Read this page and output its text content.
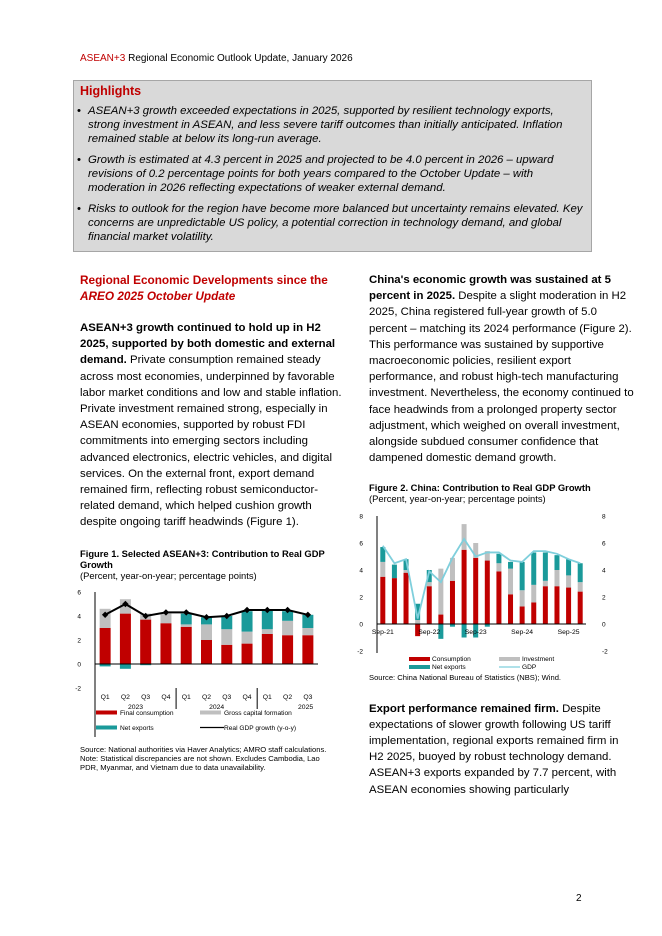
ASEAN+3 Regional Economic Outlook Update, January 2026
Highlights
• ASEAN+3 growth exceeded expectations in 2025, supported by resilient technology exports, strong investment in ASEAN, and less severe tariff outcomes than initially anticipated. Inflation remained stable at below its long-run average.
• Growth is estimated at 4.3 percent in 2025 and projected to be 4.0 percent in 2026 – upward revisions of 0.2 percentage points for both years compared to the October Update – with moderation in 2026 reflecting expectations of weaker external demand.
• Risks to outlook for the region have become more balanced but uncertainty remains elevated. Key concerns are unpredictable US policy, a potential correction in technology demand, and global financial market volatility.
Regional Economic Developments since the AREO 2025 October Update

ASEAN+3 growth continued to hold up in H2 2025, supported by both domestic and external demand. Private consumption remained steady across most economies, underpinned by favorable labor market conditions and low and stable inflation. Private investment remained strong, especially in ASEAN economies, supported by robust FDI commitments into emerging sectors including advanced electronics, electric vehicles, and digital services. On the external front, export demand remained firm, reflecting robust semiconductor-related demand, which helped cushion growth despite ongoing tariff headwinds (Figure 1).

Figure 1. Selected ASEAN+3: Contribution to Real GDP Growth
(Percent, year-on-year; percentage points)
-2
0
2
4
6
Q1 Q2 Q3 Q4 Q1 Q2 Q3 Q4 Q1 Q2 Q3
2023	2024	2025
Final consumption	Gross capital formation
Net exports	Real GDP growth (y-o-y)
Source: National authorities via Haver Analytics; AMRO staff calculations.
Note: Statistical discrepancies are not shown. Excludes Cambodia, Lao PDR, Myanmar, and Vietnam due to data unavailability.

China's economic growth was sustained at 5 percent in 2025. Despite a slight moderation in H2 2025, China registered full-year growth of 5.0 percent – matching its 2024 performance (Figure 2). This performance was sustained by supportive macroeconomic policies, resilient export performance, and robust high-tech manufacturing investment. Nevertheless, the economy continued to face headwinds from a prolonged property sector adjustment, which weighed on overall investment, alongside subdued consumer confidence that dampened domestic demand growth.

Figure 2. China: Contribution to Real GDP Growth
(Percent, year-on-year; percentage points)
-2	-2
0	0
2	2
4	4
6	6
8	8
Sep-21	Sep-22	Sep-23	Sep-24	Sep-25
Consumption	Investment
Net exports	GDP
Source: China National Bureau of Statistics (NBS); Wind.

Export performance remained firm. Despite expectations of slower growth following US tariff implementation, regional exports remained firm in H2 2025, buoyed by robust technology demand. ASEAN+3 exports expanded by 7.7 percent, with ASEAN economies showing particularly

2
